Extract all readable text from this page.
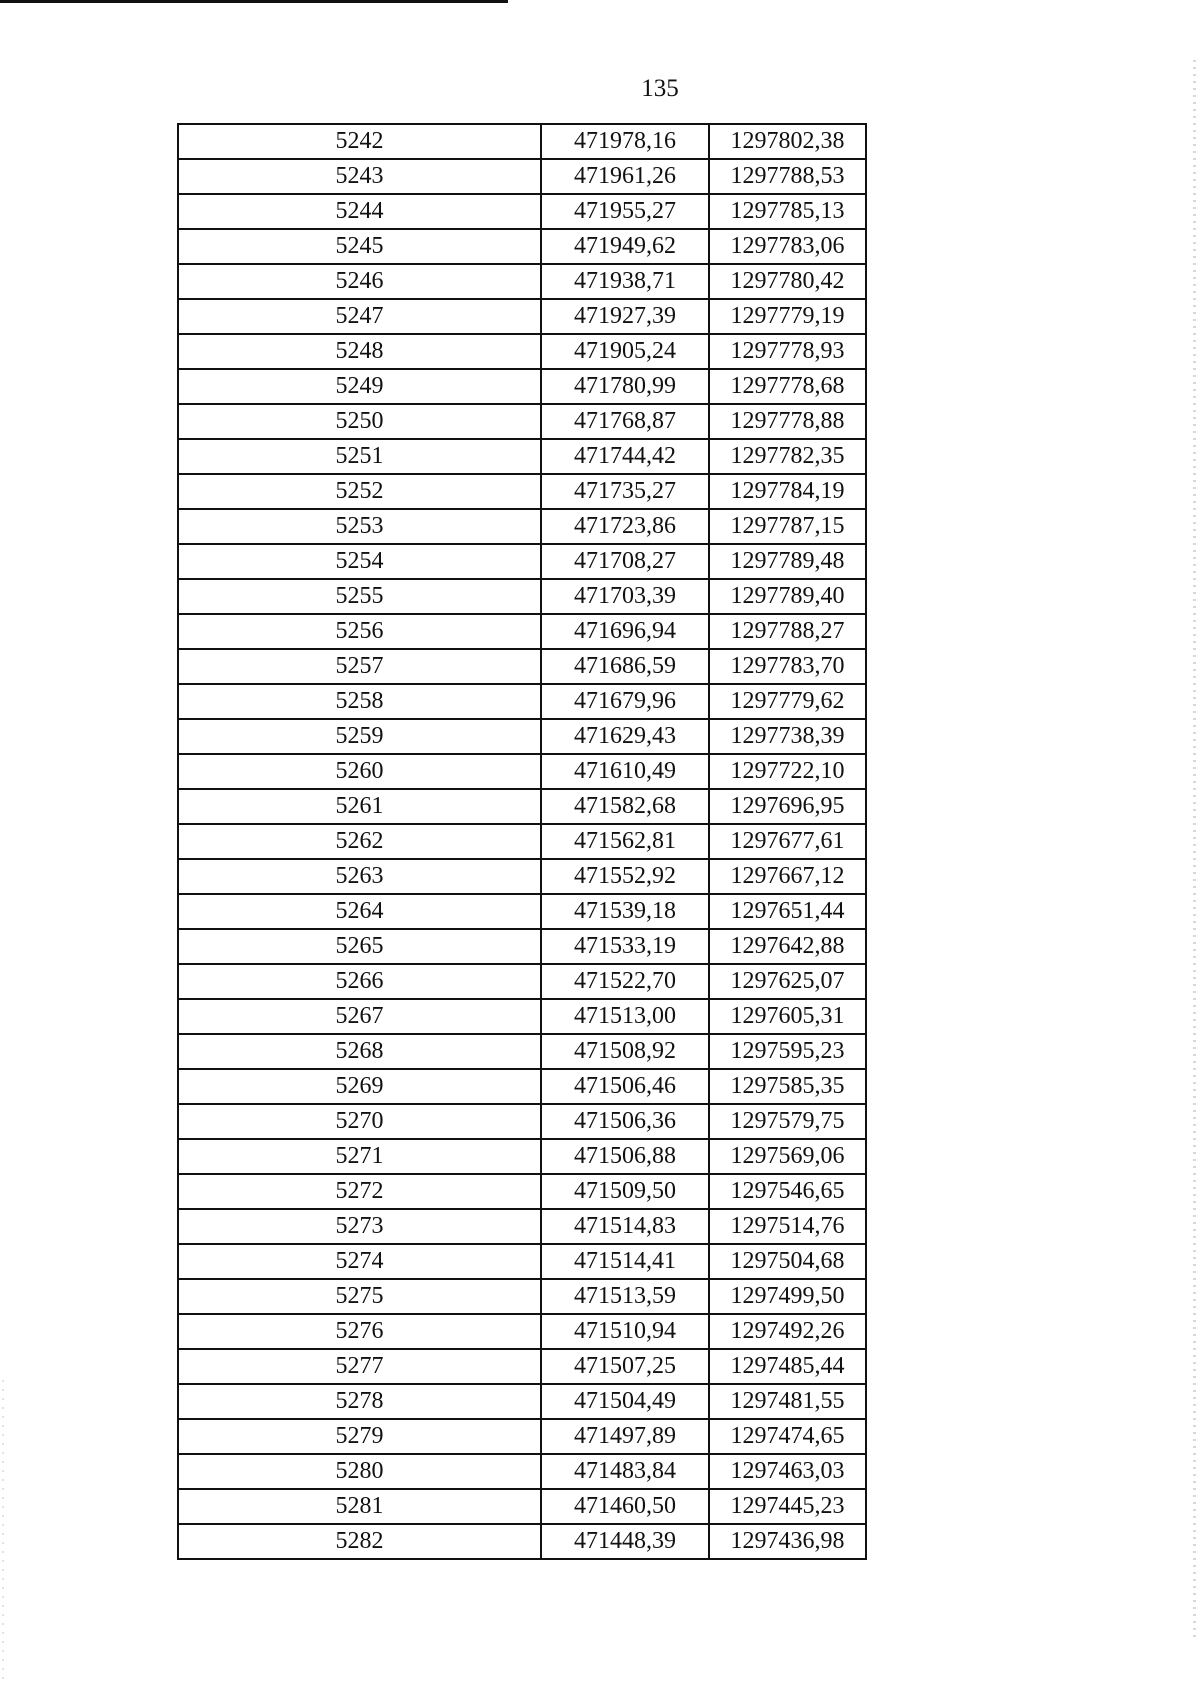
135
5242	471978,16	1297802,38
5243	471961,26	1297788,53
5244	471955,27	1297785,13
5245	471949,62	1297783,06
5246	471938,71	1297780,42
5247	471927,39	1297779,19
5248	471905,24	1297778,93
5249	471780,99	1297778,68
5250	471768,87	1297778,88
5251	471744,42	1297782,35
5252	471735,27	1297784,19
5253	471723,86	1297787,15
5254	471708,27	1297789,48
5255	471703,39	1297789,40
5256	471696,94	1297788,27
5257	471686,59	1297783,70
5258	471679,96	1297779,62
5259	471629,43	1297738,39
5260	471610,49	1297722,10
5261	471582,68	1297696,95
5262	471562,81	1297677,61
5263	471552,92	1297667,12
5264	471539,18	1297651,44
5265	471533,19	1297642,88
5266	471522,70	1297625,07
5267	471513,00	1297605,31
5268	471508,92	1297595,23
5269	471506,46	1297585,35
5270	471506,36	1297579,75
5271	471506,88	1297569,06
5272	471509,50	1297546,65
5273	471514,83	1297514,76
5274	471514,41	1297504,68
5275	471513,59	1297499,50
5276	471510,94	1297492,26
5277	471507,25	1297485,44
5278	471504,49	1297481,55
5279	471497,89	1297474,65
5280	471483,84	1297463,03
5281	471460,50	1297445,23
5282	471448,39	1297436,98
